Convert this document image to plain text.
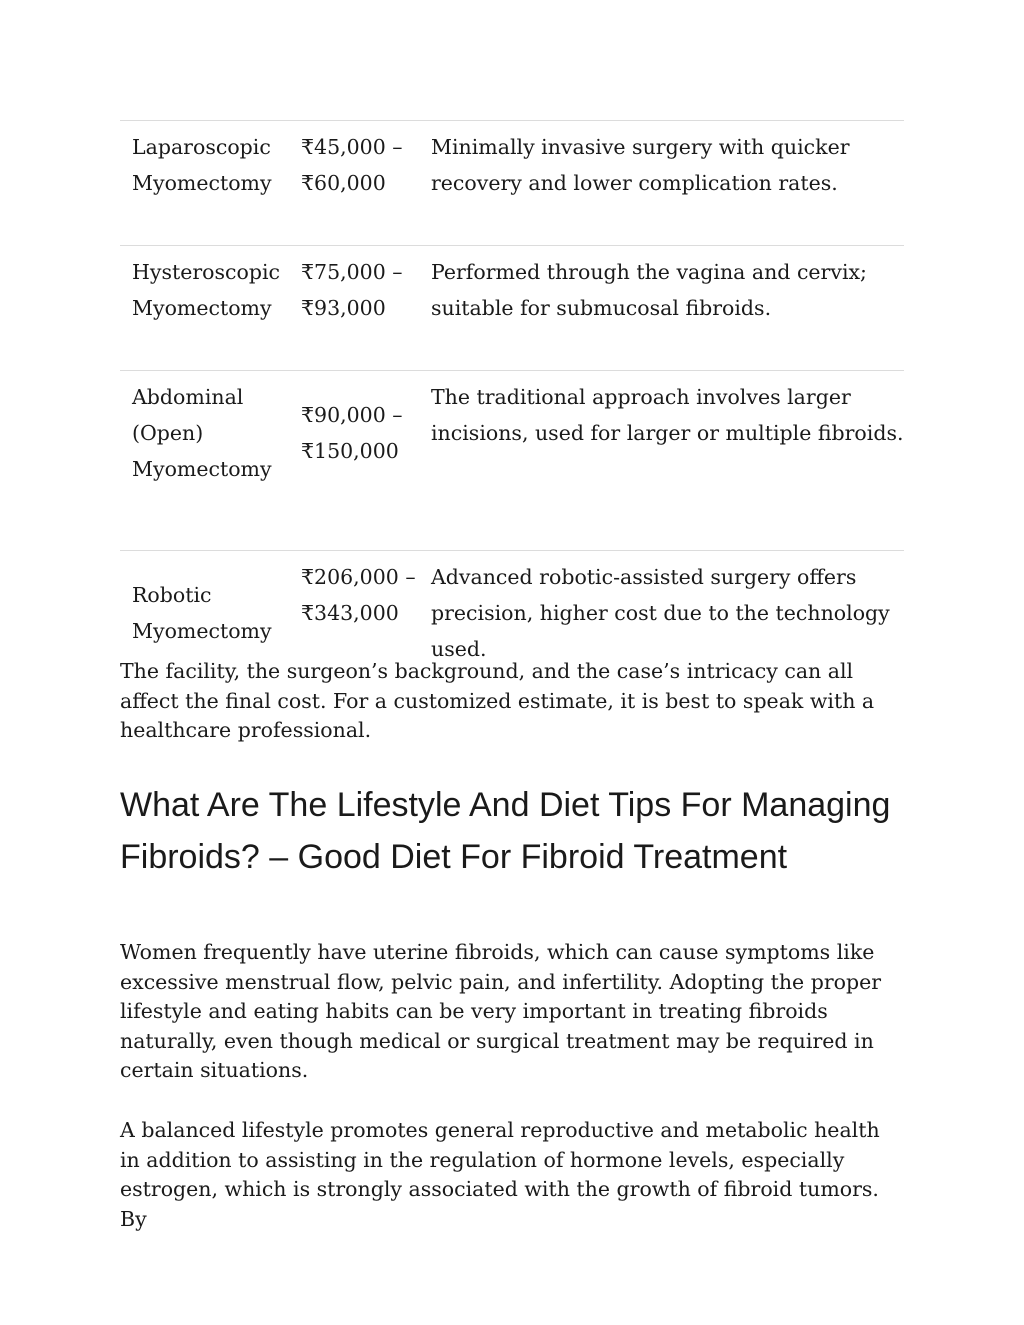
Laparoscopic Myomectomy	₹45,000 – ₹60,000	Minimally invasive surgery with quicker recovery and lower complication rates.

Hysteroscopic Myomectomy	₹75,000 – ₹93,000	Performed through the vagina and cervix; suitable for submucosal fibroids.

Abdominal (Open) Myomectomy	₹90,000 – ₹150,000	The traditional approach involves larger incisions, used for larger or multiple fibroids.

Robotic Myomectomy	₹206,000 – ₹343,000	Advanced robotic-assisted surgery offers precision, higher cost due to the technology used.

The facility, the surgeon’s background, and the case’s intricacy can all affect the final cost. For a customized estimate, it is best to speak with a healthcare professional.

What Are The Lifestyle And Diet Tips For Managing Fibroids? – Good Diet For Fibroid Treatment

Women frequently have uterine fibroids, which can cause symptoms like excessive menstrual flow, pelvic pain, and infertility. Adopting the proper lifestyle and eating habits can be very important in treating fibroids naturally, even though medical or surgical treatment may be required in certain situations.

A balanced lifestyle promotes general reproductive and metabolic health in addition to assisting in the regulation of hormone levels, especially estrogen, which is strongly associated with the growth of fibroid tumors. By
